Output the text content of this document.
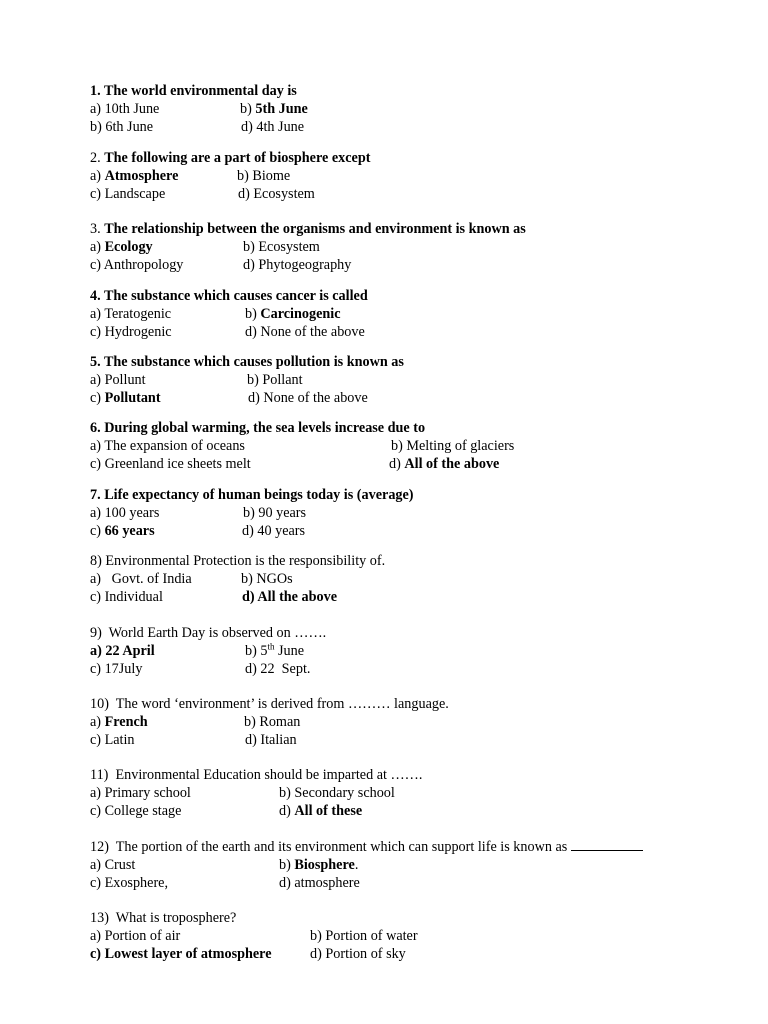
1. The world environmental day is
a) 10th June	b) 5th June
b) 6th June	d) 4th June
2. The following are a part of biosphere except
a) Atmosphere	b) Biome
c) Landscape	d) Ecosystem
3. The relationship between the organisms and environment is known as
a) Ecology	b) Ecosystem
c) Anthropology	d) Phytogeography
4. The substance which causes cancer is called
a) Teratogenic	b) Carcinogenic
c) Hydrogenic	d) None of the above
5. The substance which causes pollution is known as
a) Pollunt	b) Pollant
c) Pollutant	d) None of the above
6. During global warming, the sea levels increase due to
a) The expansion of oceans	b) Melting of glaciers
c) Greenland ice sheets melt	d) All of the above
7. Life expectancy of human beings today is (average)
a) 100 years	b) 90 years
c) 66 years	d) 40 years
8) Environmental Protection is the responsibility of.
a)   Govt. of India	b) NGOs
c) Individual	d) All the above
9)  World Earth Day is observed on …….
a) 22 April	b) 5th June
c) 17July	d) 22  Sept.
10)  The word ‘environment’ is derived from ……… language.
a) French	b) Roman
c) Latin	d) Italian
11)  Environmental Education should be imparted at …….
a) Primary school	b) Secondary school
c) College stage	d) All of these
12)  The portion of the earth and its environment which can support life is known as
a) Crust	b) Biosphere.
c) Exosphere,	d) atmosphere
13)  What is troposphere?
a) Portion of air	b) Portion of water
c) Lowest layer of atmosphere	d) Portion of sky
